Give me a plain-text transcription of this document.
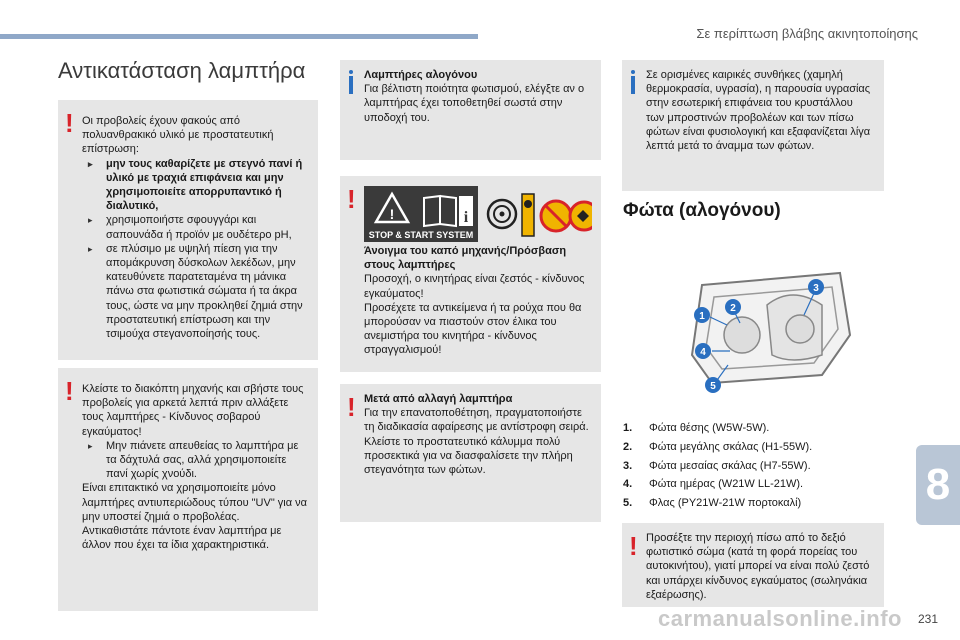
Σε περίπτωση βλάβης ακινητοποίησης
Αντικατάσταση λαμπτήρα
! Οι προβολείς έχουν φακούς από πολυανθρακικό υλικό με προστατευτική επίστρωση:

▸ μην τους καθαρίζετε με στεγνό πανί ή υλικό με τραχιά επιφάνεια και μην χρησιμοποιείτε απορρυπαντικό ή διαλυτικό,
▸ χρησιμοποιήστε σφουγγάρι και σαπουνάδα ή προϊόν με ουδέτερο pH,
▸ σε πλύσιμο με υψηλή πίεση για την απομάκρυνση δύσκολων λεκέδων, μην κατευθύνετε παρατεταμένα τη μάνικα πάνω στα φωτιστικά σώματα ή τα άκρα τους, ώστε να μην προκληθεί ζημιά στην προστατευτική επίστρωση και την τσιμούχα στεγανοποίησής τους.
! Κλείστε το διακόπτη μηχανής και σβήστε τους προβολείς για αρκετά λεπτά πριν αλλάξετε τους λαμπτήρες - Κίνδυνος σοβαρού εγκαύματος!

▸ Μην πιάνετε απευθείας το λαμπτήρα με τα δάχτυλά σας, αλλά χρησιμοποιείτε πανί χωρίς χνούδι.

Είναι επιτακτικό να χρησιμοποιείτε μόνο λαμπτήρες αντιυπεριώδους τύπου "UV" για να μην υποστεί ζημιά ο προβολέας. Αντικαθιστάτε πάντοτε έναν λαμπτήρα με άλλον που έχει τα ίδια χαρακτηριστικά.

Λαμπτήρες αλογόνου

Για βέλτιστη ποιότητα φωτισμού, ελέγξτε αν ο λαμπτήρας έχει τοποθετηθεί σωστά στην υποδοχή του.

! !	i
STOP & START SYSTEM

Άνοιγμα του καπό μηχανής/Πρόσβαση στους λαμπτήρες

Προσοχή, ο κινητήρας είναι ζεστός - κίνδυνος εγκαύματος!

Προσέχετε τα αντικείμενα ή τα ρούχα που θα μπορούσαν να πιαστούν στον έλικα του ανεμιστήρα του κινητήρα - κίνδυνος στραγγαλισμού!

! Μετά από αλλαγή λαμπτήρα

Για την επανατοποθέτηση, πραγματοποιήστε τη διαδικασία αφαίρεσης με αντίστροφη σειρά. Κλείστε το προστατευτικό κάλυμμα πολύ προσεκτικά για να διασφαλίσετε την πλήρη στεγανότητα των φώτων.

Σε ορισμένες καιρικές συνθήκες (χαμηλή θερμοκρασία, υγρασία), η παρουσία υγρασίας στην εσωτερική επιφάνεια του κρυστάλλου των μπροστινών προβολέων και των πίσω φώτων είναι φυσιολογική και εξαφανίζεται λίγα λεπτά μετά το άναμμα των φώτων.

Φώτα (αλογόνου)
1
2
3
4
5
1.	Φώτα θέσης (W5W-5W).
2.	Φώτα μεγάλης σκάλας (H1-55W).
3.	Φώτα μεσαίας σκάλας (H7-55W).
4.	Φώτα ημέρας (W21W LL-21W).
5.	Φλας (PY21W-21W πορτοκαλί)
! Προσέξτε την περιοχή πίσω από το δεξιό φωτιστικό σώμα (κατά τη φορά πορείας του αυτοκινήτου), γιατί μπορεί να είναι πολύ ζεστό και υπάρχει κίνδυνος εγκαύματος (σωληνάκια εξαέρωσης).

8
carmanualsonline.info 231
